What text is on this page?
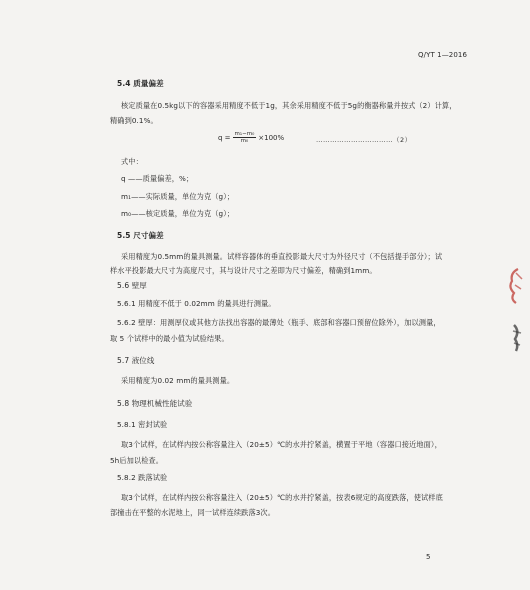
Q/YT 1—2016
5.4 质量偏差
核定质量在0.5kg以下的容器采用精度不低于1g，其余采用精度不低于5g的衡器称量并按式（2）计算，
精确到0.1%。
$q = \frac{\text{m₁−m₀}}{\text{m₀}} \times 100\%$	……………………………（2）
式中：
q ——质量偏差，%；
m₁——实际质量，单位为克（g）；
m₀——核定质量，单位为克（g）；
5.5 尺寸偏差
采用精度为0.5mm的量具测量。试样容器体的垂直投影最大尺寸为外径尺寸（不包括提手部分）；试
样水平投影最大尺寸为高度尺寸，其与设计尺寸之差即为尺寸偏差，精确到1mm。
5.6 壁厚
5.6.1 用精度不低于 0.02mm 的量具进行测量。
5.6.2 壁厚：用测厚仪或其他方法找出容器的最薄处（瓶手、底部和容器口预留位除外），加以测量，
取 5 个试样中的最小值为试验结果。
5.7 液位线
采用精度为0.02 mm的量具测量。
5.8 物理机械性能试验
5.8.1 密封试验
取3个试样，在试样内按公称容量注入（20±5）℃的水并拧紧盖，横置于平地（容器口接近地面），
5h后加以检查。
5.8.2 跌落试验
取3个试样，在试样内按公称容量注入（20±5）℃的水并拧紧盖，按表6规定的高度跌落，使试样底
部撞击在平整的水泥地上，同一试样连续跌落3次。
5
